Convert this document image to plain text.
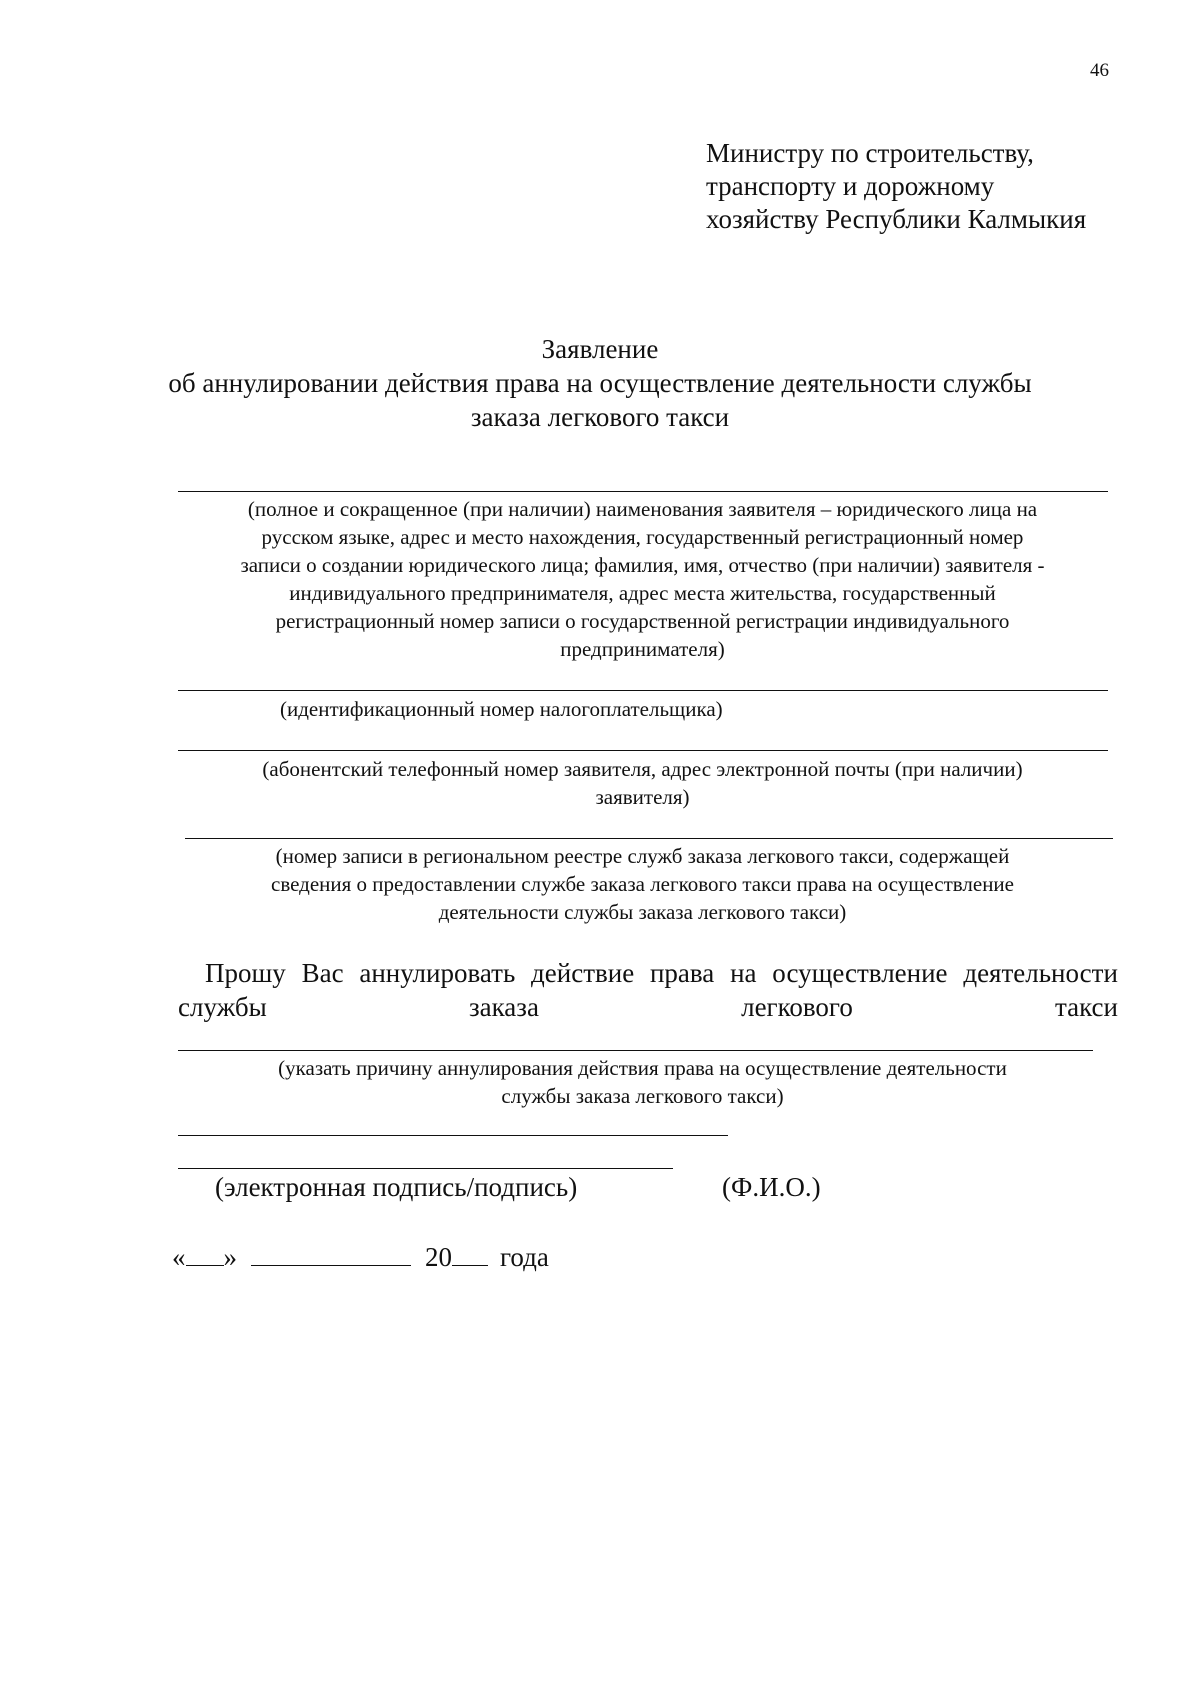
46
Министру по строительству,
транспорту и дорожному
хозяйству Республики Калмыкия
Заявление
об аннулировании действия права на осуществление деятельности службы
заказа легкового такси
(полное и сокращенное (при наличии) наименования заявителя – юридического лица на
русском языке, адрес и место нахождения, государственный регистрационный номер
записи о создании юридического лица; фамилия, имя, отчество (при наличии) заявителя -
индивидуального предпринимателя, адрес места жительства, государственный
регистрационный номер записи о государственной регистрации индивидуального
предпринимателя)
(идентификационный номер налогоплательщика)
(абонентский телефонный номер заявителя, адрес электронной почты (при наличии)
заявителя)
(номер записи в региональном реестре служб заказа легкового такси, содержащей
сведения о предоставлении службе заказа легкового такси права на осуществление
деятельности службы заказа легкового такси)
Прошу Вас аннулировать действие права на осуществление деятельности
службы	заказа	легкового	такси
(указать причину аннулирования действия права на осуществление деятельности
службы заказа легкового такси)
(электронная подпись/подпись)	(Ф.И.О.)
« »	20 года
